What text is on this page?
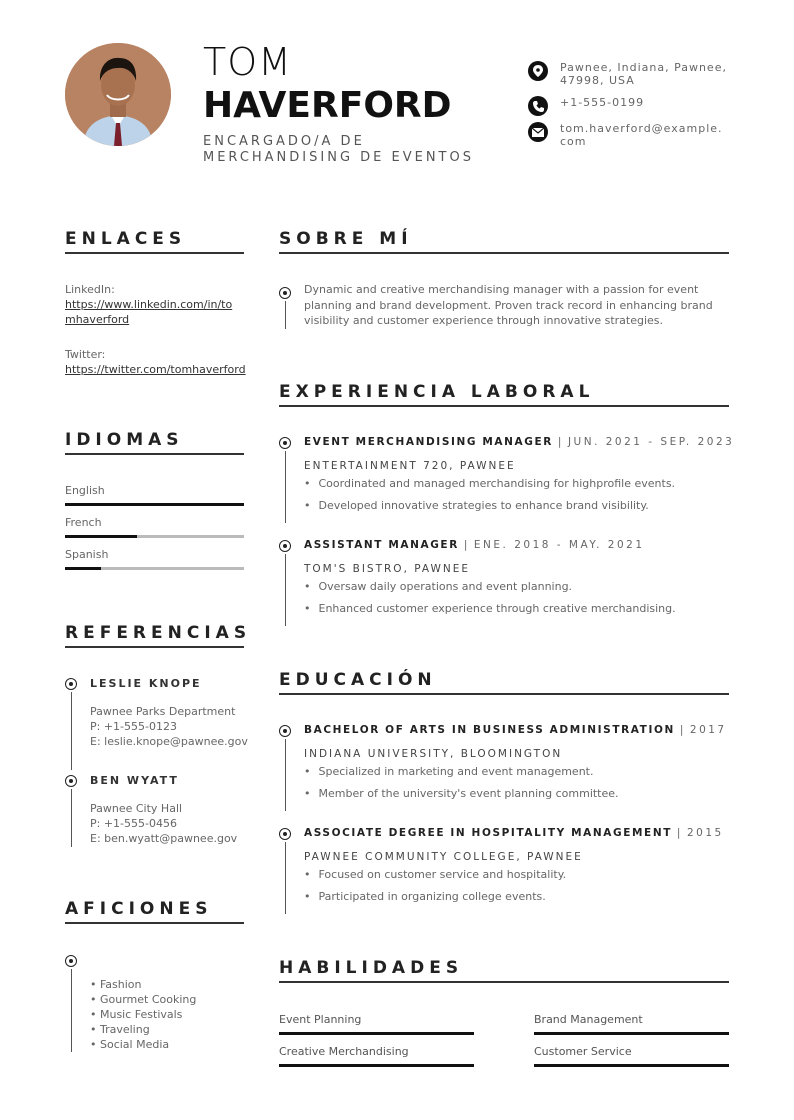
TOM
HAVERFORD
ENCARGADO/A DE
MERCHANDISING DE EVENTOS
Pawnee, Indiana, Pawnee, 47998, USA
+1-555-0199
tom.haverford@example.com
ENLACES
LinkedIn:
https://www.linkedin.com/in/to
mhaverford
Twitter:
https://twitter.com/tomhaverford
IDIOMAS
English
French
Spanish
REFERENCIAS
LESLIE KNOPE
Pawnee Parks Department
P: +1-555-0123
E: leslie.knope@pawnee.gov
BEN WYATT
Pawnee City Hall
P: +1-555-0456
E: ben.wyatt@pawnee.gov
AFICIONES
• Fashion
• Gourmet Cooking
• Music Festivals
• Traveling
• Social Media
SOBRE MÍ
Dynamic and creative merchandising manager with a passion for event
planning and brand development. Proven track record in enhancing brand
visibility and customer experience through innovative strategies.
EXPERIENCIA LABORAL
EVENT MERCHANDISING MANAGER | JUN. 2021 - SEP. 2023
ENTERTAINMENT 720, PAWNEE
• Coordinated and managed merchandising for highprofile events.
• Developed innovative strategies to enhance brand visibility.
ASSISTANT MANAGER | ENE. 2018 - MAY. 2021
TOM'S BISTRO, PAWNEE
• Oversaw daily operations and event planning.
• Enhanced customer experience through creative merchandising.
EDUCACIÓN
BACHELOR OF ARTS IN BUSINESS ADMINISTRATION | 2017
INDIANA UNIVERSITY, BLOOMINGTON
• Specialized in marketing and event management.
• Member of the university's event planning committee.
ASSOCIATE DEGREE IN HOSPITALITY MANAGEMENT | 2015
PAWNEE COMMUNITY COLLEGE, PAWNEE
• Focused on customer service and hospitality.
• Participated in organizing college events.
HABILIDADES
Event Planning	Brand Management
Creative Merchandising	Customer Service
